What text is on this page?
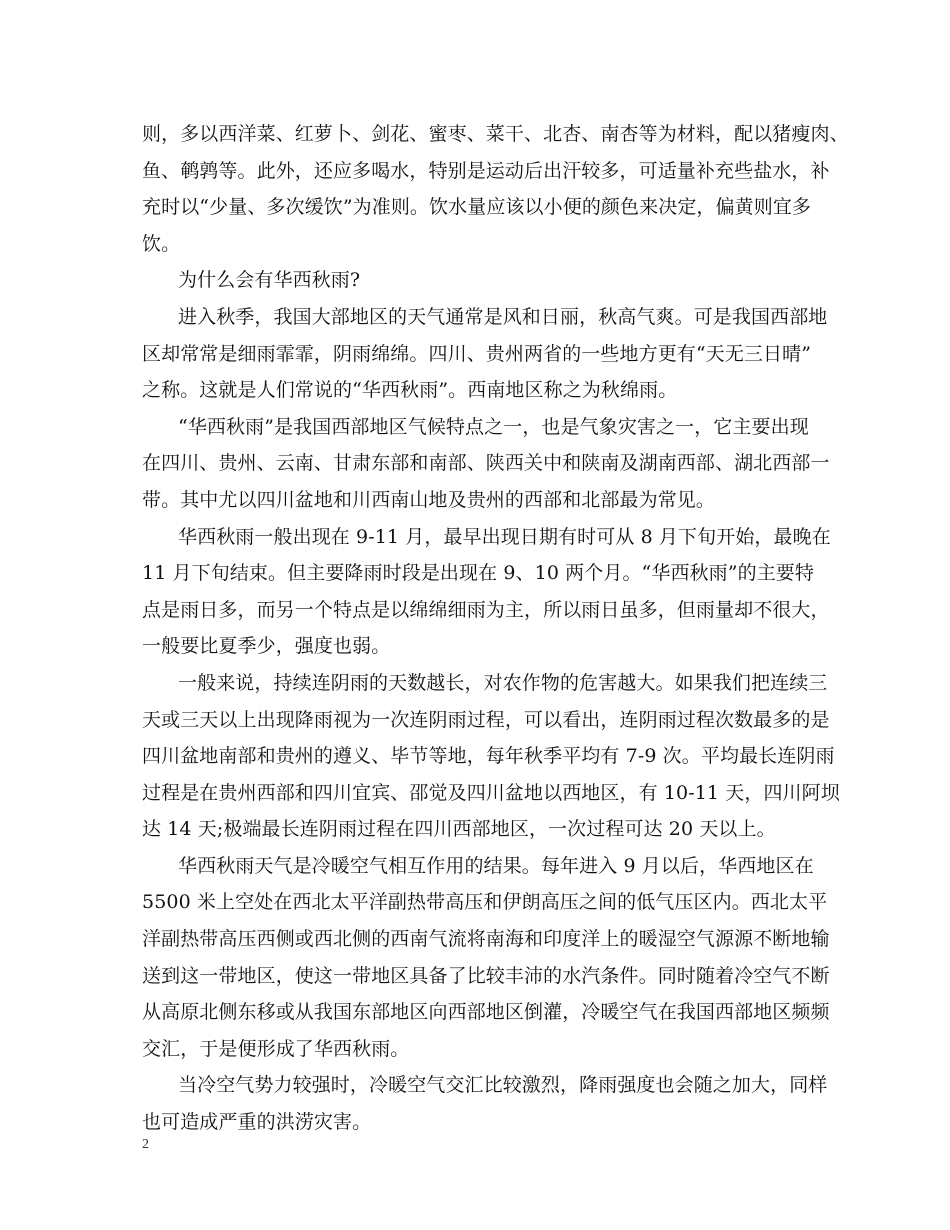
则，多以西洋菜、红萝卜、剑花、蜜枣、菜干、北杏、南杏等为材料，配以猪瘦肉、
鱼、鹌鹑等。此外，还应多喝水，特别是运动后出汗较多，可适量补充些盐水，补
充时以“少量、多次缓饮”为准则。饮水量应该以小便的颜色来决定，偏黄则宜多
饮。
为什么会有华西秋雨?
进入秋季，我国大部地区的天气通常是风和日丽，秋高气爽。可是我国西部地
区却常常是细雨霏霏，阴雨绵绵。四川、贵州两省的一些地方更有“天无三日晴”
之称。这就是人们常说的“华西秋雨”。西南地区称之为秋绵雨。
“华西秋雨”是我国西部地区气候特点之一，也是气象灾害之一，它主要出现
在四川、贵州、云南、甘肃东部和南部、陕西关中和陕南及湖南西部、湖北西部一
带。其中尤以四川盆地和川西南山地及贵州的西部和北部最为常见。
华西秋雨一般出现在 9-11 月，最早出现日期有时可从 8 月下旬开始，最晚在
11 月下旬结束。但主要降雨时段是出现在 9、10 两个月。“华西秋雨”的主要特
点是雨日多，而另一个特点是以绵绵细雨为主，所以雨日虽多，但雨量却不很大，
一般要比夏季少，强度也弱。
一般来说，持续连阴雨的天数越长，对农作物的危害越大。如果我们把连续三
天或三天以上出现降雨视为一次连阴雨过程，可以看出，连阴雨过程次数最多的是
四川盆地南部和贵州的遵义、毕节等地，每年秋季平均有 7-9 次。平均最长连阴雨
过程是在贵州西部和四川宜宾、邵觉及四川盆地以西地区，有 10-11 天，四川阿坝
达 14 天;极端最长连阴雨过程在四川西部地区，一次过程可达 20 天以上。
华西秋雨天气是冷暖空气相互作用的结果。每年进入 9 月以后，华西地区在
5500 米上空处在西北太平洋副热带高压和伊朗高压之间的低气压区内。西北太平
洋副热带高压西侧或西北侧的西南气流将南海和印度洋上的暖湿空气源源不断地输
送到这一带地区，使这一带地区具备了比较丰沛的水汽条件。同时随着冷空气不断
从高原北侧东移或从我国东部地区向西部地区倒灌，冷暖空气在我国西部地区频频
交汇，于是便形成了华西秋雨。
当冷空气势力较强时，冷暖空气交汇比较激烈，降雨强度也会随之加大，同样
也可造成严重的洪涝灾害。
2
